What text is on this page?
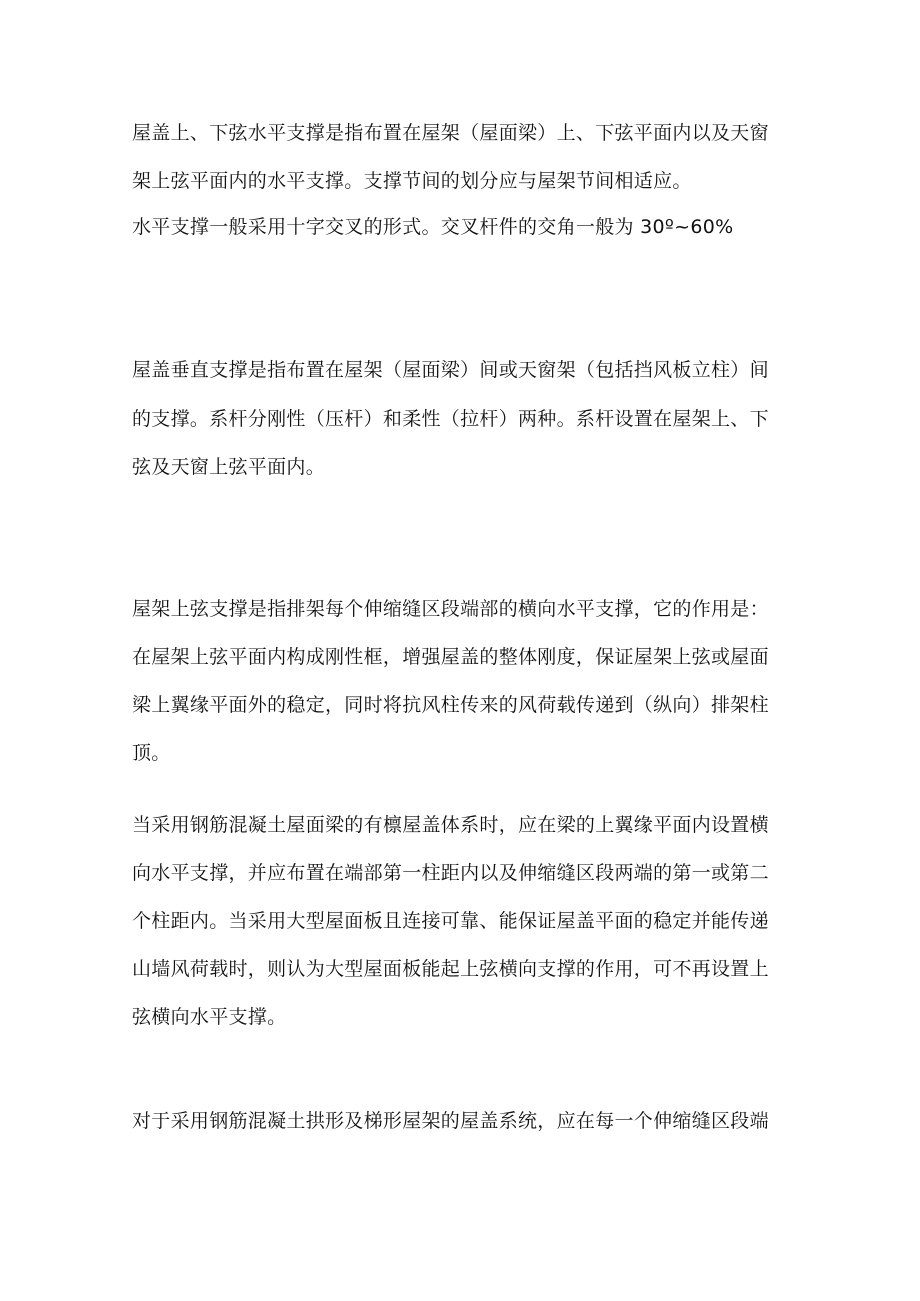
屋盖上、下弦水平支撑是指布置在屋架（屋面梁）上、下弦平面内以及天窗
架上弦平面内的水平支撑。支撑节间的划分应与屋架节间相适应。
水平支撑一般采用十字交叉的形式。交叉杆件的交角一般为 30º~60%
屋盖垂直支撑是指布置在屋架（屋面梁）间或天窗架（包括挡风板立柱）间
的支撑。系杆分刚性（压杆）和柔性（拉杆）两种。系杆设置在屋架上、下
弦及天窗上弦平面内。
屋架上弦支撑是指排架每个伸缩缝区段端部的横向水平支撑，它的作用是：
在屋架上弦平面内构成刚性框，增强屋盖的整体刚度，保证屋架上弦或屋面
梁上翼缘平面外的稳定，同时将抗风柱传来的风荷载传递到（纵向）排架柱
顶。
当采用钢筋混凝土屋面梁的有檩屋盖体系时，应在梁的上翼缘平面内设置横
向水平支撑，并应布置在端部第一柱距内以及伸缩缝区段两端的第一或第二
个柱距内。当采用大型屋面板且连接可靠、能保证屋盖平面的稳定并能传递
山墙风荷载时，则认为大型屋面板能起上弦横向支撑的作用，可不再设置上
弦横向水平支撑。
对于采用钢筋混凝土拱形及梯形屋架的屋盖系统，应在每一个伸缩缝区段端
